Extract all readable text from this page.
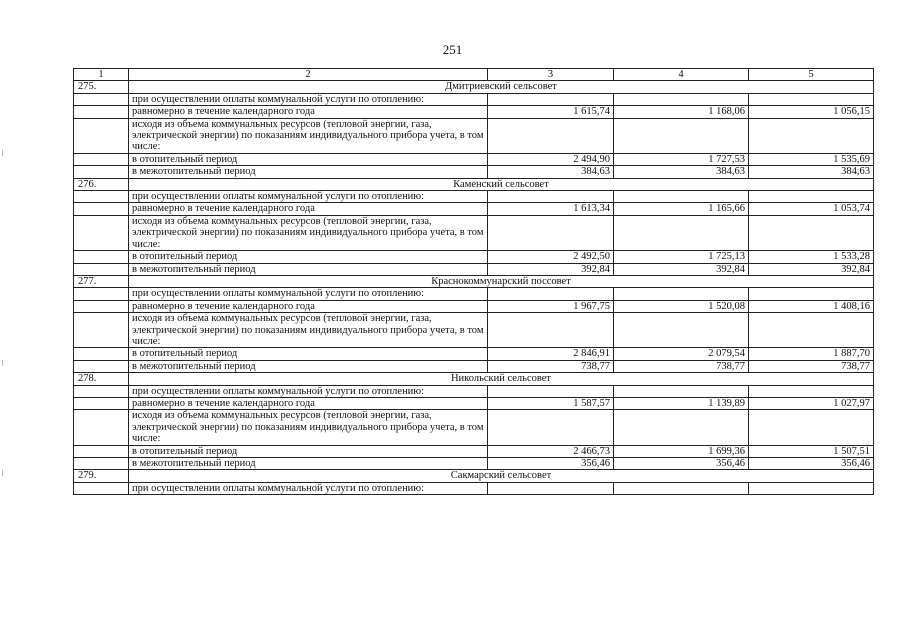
251
1	2	3	4	5
275.	Дмитриевский сельсовет			
	при осуществлении оплаты коммунальной услуги по отоплению:			
	равномерно в течение календарного года	1 615,74	1 168,06	1 056,15
	исходя из объема коммунальных ресурсов (тепловой энергии, газа, электрической энергии) по показаниям индивидуального прибора учета, в том числе:			
	в отопительный период	2 494,90	1 727,53	1 535,69
	в межотопительный период	384,63	384,63	384,63
276.	Каменский сельсовет			
	при осуществлении оплаты коммунальной услуги по отоплению:			
	равномерно в течение календарного года	1 613,34	1 165,66	1 053,74
	исходя из объема коммунальных ресурсов (тепловой энергии, газа, электрической энергии) по показаниям индивидуального прибора учета, в том числе:			
	в отопительный период	2 492,50	1 725,13	1 533,28
	в межотопительный период	392,84	392,84	392,84
277.	Краснокоммунарский поссовет			
	при осуществлении оплаты коммунальной услуги по отоплению:			
	равномерно в течение календарного года	1 967,75	1 520,08	1 408,16
	исходя из объема коммунальных ресурсов (тепловой энергии, газа, электрической энергии) по показаниям индивидуального прибора учета, в том числе:			
	в отопительный период	2 846,91	2 079,54	1 887,70
	в межотопительный период	738,77	738,77	738,77
278.	Никольский сельсовет			
	при осуществлении оплаты коммунальной услуги по отоплению:			
	равномерно в течение календарного года	1 587,57	1 139,89	1 027,97
	исходя из объема коммунальных ресурсов (тепловой энергии, газа, электрической энергии) по показаниям индивидуального прибора учета, в том числе:			
	в отопительный период	2 466,73	1 699,36	1 507,51
	в межотопительный период	356,46	356,46	356,46
279.	Сакмарский сельсовет			
	при осуществлении оплаты коммунальной услуги по отоплению:			
